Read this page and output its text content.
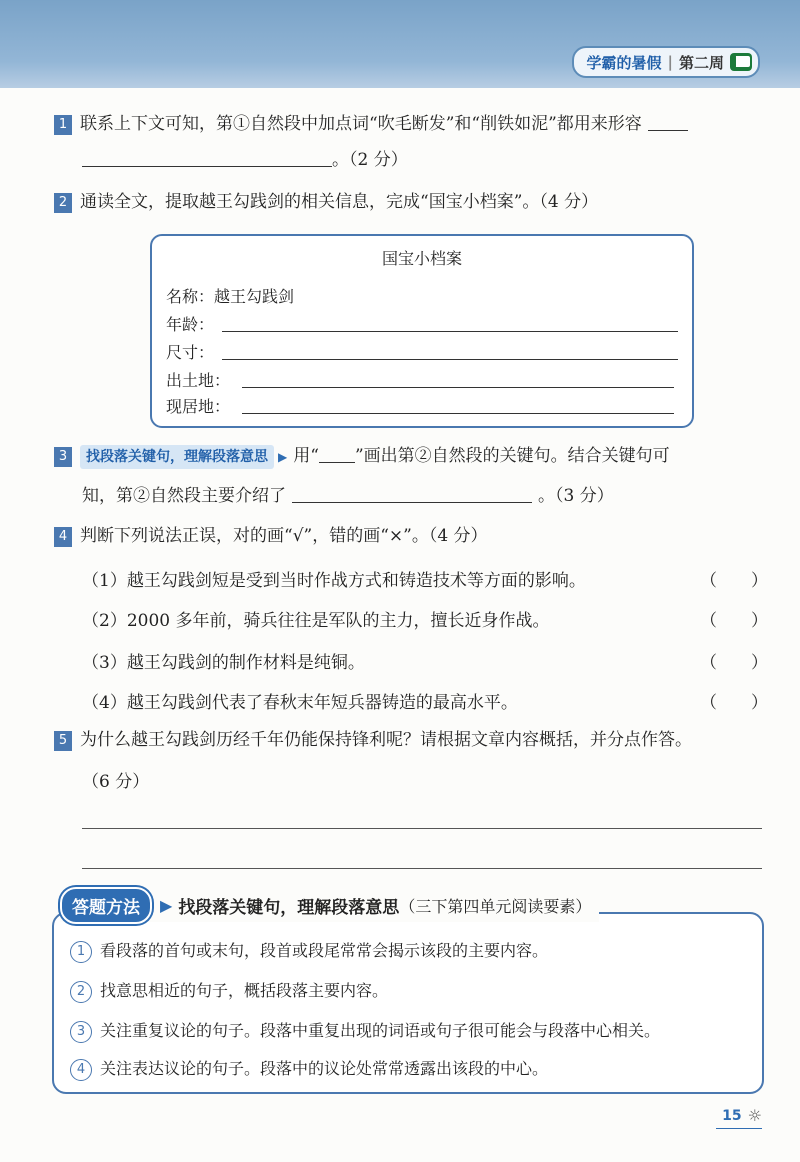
学霸的暑假 | 第二周
1 联系上下文可知，第①自然段中加点词“吹毛断发”和“削铁如泥”都用来形容
。（2 分）
2 通读全文，提取越王勾践剑的相关信息，完成“国宝小档案”。（4 分）
国宝小档案
名称：越王勾践剑
年龄：
尺寸：
出土地：
现居地：
3 找段落关键句，理解段落意思 ▶ 用“ ”画出第②自然段的关键句。结合关键句可
知，第②自然段主要介绍了	。（3 分）
4 判断下列说法正误，对的画“√”，错的画“×”。（4 分）
（1）越王勾践剑短是受到当时作战方式和铸造技术等方面的影响。	（　　）
（2）2000 多年前，骑兵往往是军队的主力，擅长近身作战。	（　　）
（3）越王勾践剑的制作材料是纯铜。	（　　）
（4）越王勾践剑代表了春秋末年短兵器铸造的最高水平。	（　　）
5 为什么越王勾践剑历经千年仍能保持锋利呢？请根据文章内容概括，并分点作答。
（6 分）
1 看段落的首句或末句，段首或段尾常常会揭示该段的主要内容。
2 找意思相近的句子，概括段落主要内容。
3 关注重复议论的句子。段落中重复出现的词语或句子很可能会与段落中心相关。
4 关注表达议论的句子。段落中的议论处常常透露出该段的中心。
答题方法	▶ 找段落关键句，理解段落意思 （三下第四单元阅读要素）
15 ☼
